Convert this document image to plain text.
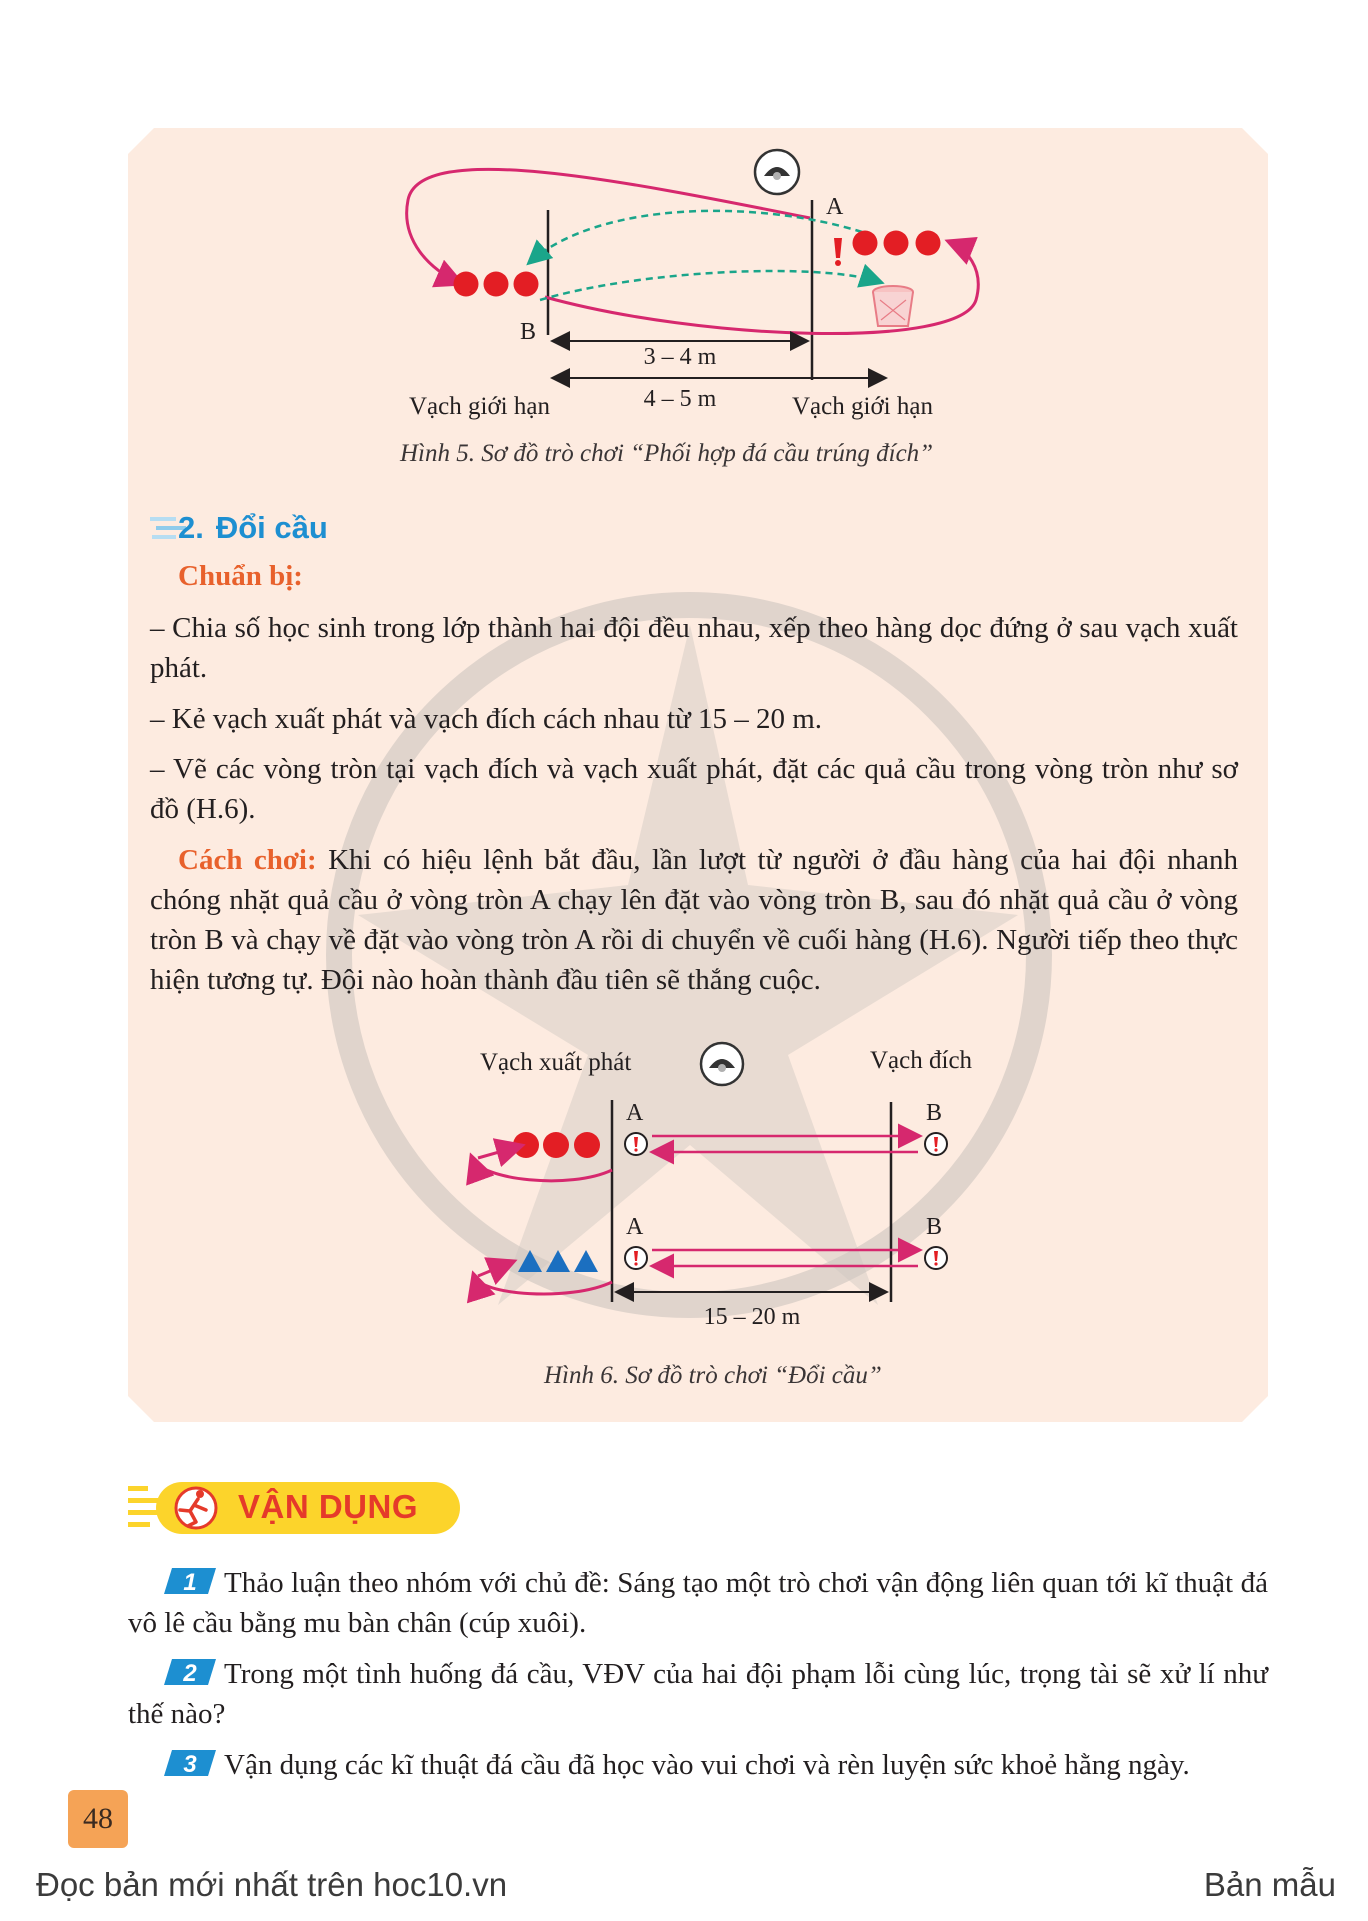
A
B
3 – 4 m
4 – 5 m
Vạch giới hạn	Vạch giới hạn
Hình 5. Sơ đồ trò chơi “Phối hợp đá cầu trúng đích”
2. Đổi cầu
Chuẩn bị:
– Chia số học sinh trong lớp thành hai đội đều nhau, xếp theo hàng dọc đứng ở sau vạch xuất phát.
– Kẻ vạch xuất phát và vạch đích cách nhau từ 15 – 20 m.
– Vẽ các vòng tròn tại vạch đích và vạch xuất phát, đặt các quả cầu trong vòng tròn như sơ đồ (H.6).
Cách chơi: Khi có hiệu lệnh bắt đầu, lần lượt từ người ở đầu hàng của hai đội nhanh chóng nhặt quả cầu ở vòng tròn A chạy lên đặt vào vòng tròn B, sau đó nhặt quả cầu ở vòng tròn B và chạy về đặt vào vòng tròn A rồi di chuyển về cuối hàng (H.6). Người tiếp theo thực hiện tương tự. Đội nào hoàn thành đầu tiên sẽ thắng cuộc.
Vạch xuất phát	Vạch đích
A	B
A	B
15 – 20 m
Hình 6. Sơ đồ trò chơi “Đổi cầu”
VẬN DỤNG
1 Thảo luận theo nhóm với chủ đề: Sáng tạo một trò chơi vận động liên quan tới kĩ thuật đá vô lê cầu bằng mu bàn chân (cúp xuôi).
2 Trong một tình huống đá cầu, VĐV của hai đội phạm lỗi cùng lúc, trọng tài sẽ xử lí như thế nào?
3 Vận dụng các kĩ thuật đá cầu đã học vào vui chơi và rèn luyện sức khoẻ hằng ngày.
48
Đọc bản mới nhất trên hoc10.vn	Bản mẫu
